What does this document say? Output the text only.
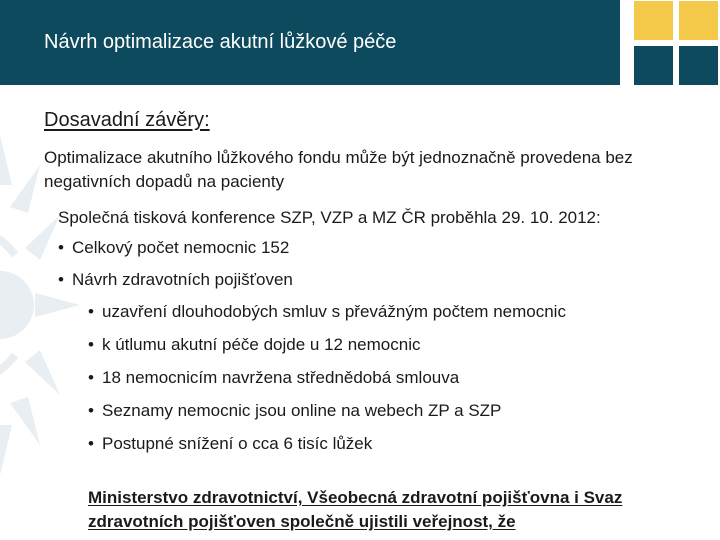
Návrh optimalizace akutní lůžkové péče
Dosavadní závěry:
Optimalizace akutního lůžkového fondu může být jednoznačně provedena bez negativních dopadů na pacienty
Společná tisková konference SZP, VZP a MZ ČR proběhla 29. 10. 2012:
• Celkový počet nemocnic 152
• Návrh zdravotních pojišťoven
• uzavření dlouhodobých smluv s převážným počtem nemocnic
• k útlumu akutní péče dojde u 12 nemocnic
• 18 nemocnicím navržena střednědobá smlouva
• Seznamy nemocnic jsou online na webech ZP a SZP
• Postupné snížení o cca 6 tisíc lůžek
Ministerstvo zdravotnictví, Všeobecná zdravotní pojišťovna i Svaz zdravotních pojišťoven společně ujistili veřejnost, že
